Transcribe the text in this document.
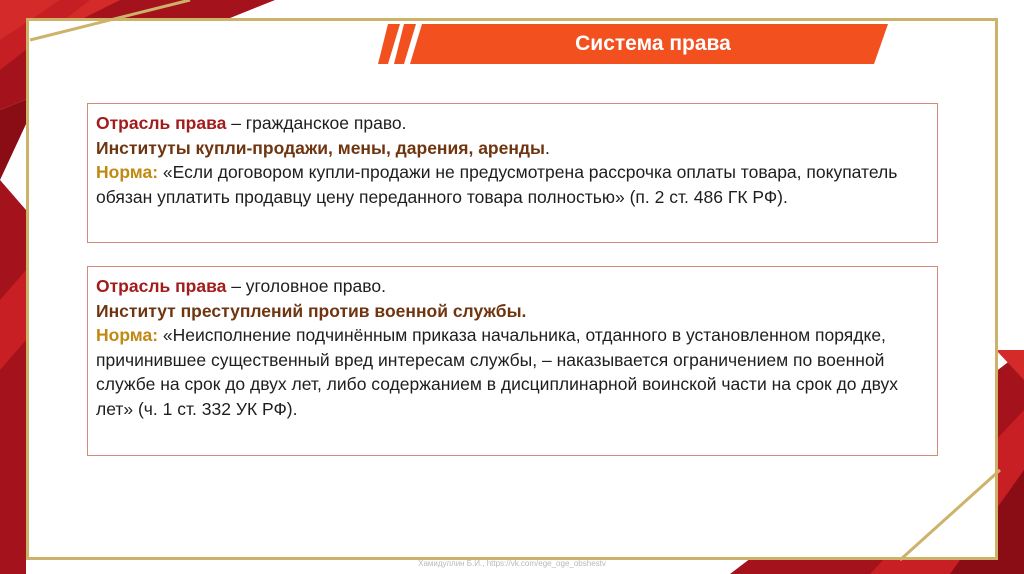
Система права

Отрасль права – гражданское право.

Институты купли-продажи, мены, дарения, аренды.

Норма: «Если договором купли-продажи не предусмотрена рассрочка оплаты товара, покупатель обязан уплатить продавцу цену переданного товара полностью» (п. 2 ст. 486 ГК РФ).

Отрасль права – уголовное право.

Институт преступлений против военной службы.

Норма: «Неисполнение подчинённым приказа начальника, отданного в установленном порядке, причинившее существенный вред интересам службы, – наказывается ограничением по военной службе на срок до двух лет, либо содержанием в дисциплинарной воинской части на срок до двух лет» (ч. 1 ст. 332 УК РФ).

Хамидуллин Б.И., https://vk.com/ege_oge_obshestv
